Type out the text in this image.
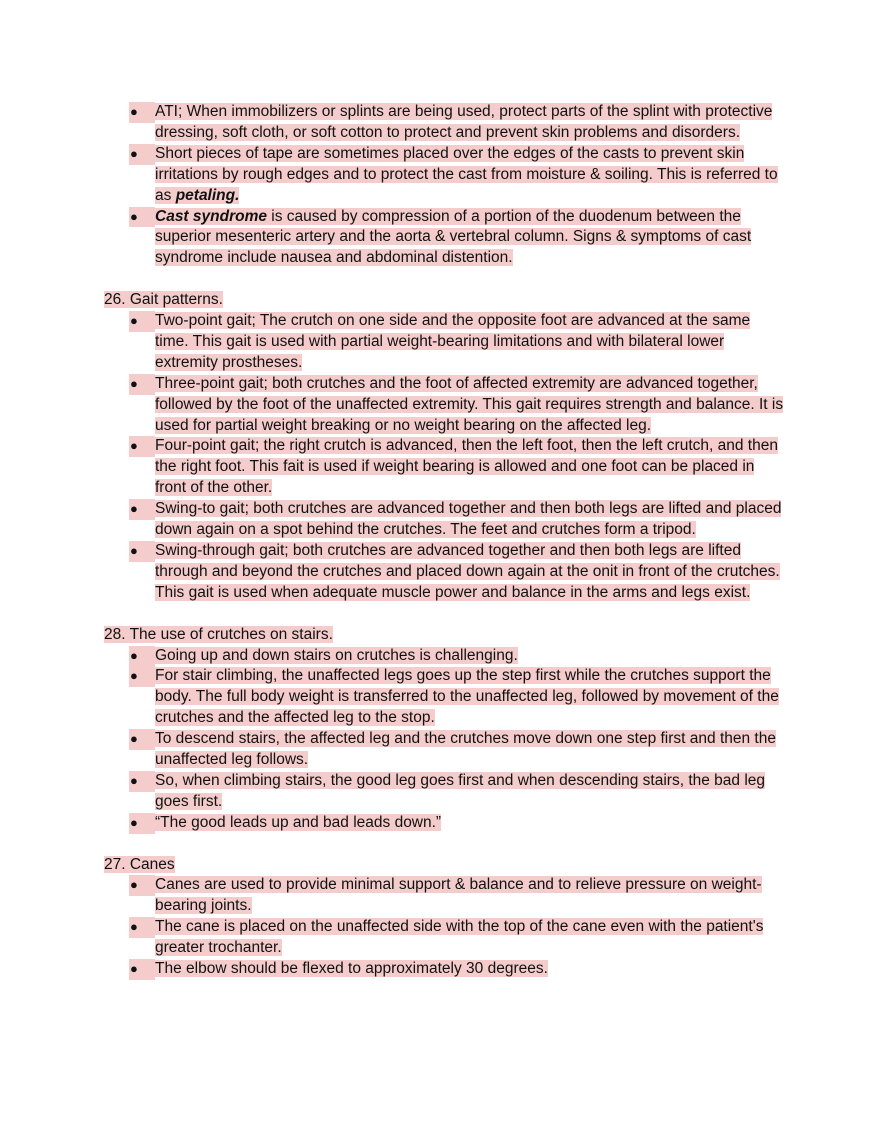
●
ATI; When immobilizers or splints are being used, protect parts of the splint with protective dressing, soft cloth, or soft cotton to protect and prevent skin problems and disorders.
●
Short pieces of tape are sometimes placed over the edges of the casts to prevent skin irritations by rough edges and to protect the cast from moisture & soiling. This is referred to as petaling.
●
Cast syndrome is caused by compression of a portion of the duodenum between the superior mesenteric artery and the aorta & vertebral column. Signs & symptoms of cast syndrome include nausea and abdominal distention.
26. Gait patterns.
●
Two-point gait; The crutch on one side and the opposite foot are advanced at the same time. This gait is used with partial weight-bearing limitations and with bilateral lower extremity prostheses.
●
Three-point gait; both crutches and the foot of affected extremity are advanced together, followed by the foot of the unaffected extremity. This gait requires strength and balance. It is used for partial weight breaking or no weight bearing on the affected leg.
●
Four-point gait; the right crutch is advanced, then the left foot, then the left crutch, and then the right foot. This fait is used if weight bearing is allowed and one foot can be placed in front of the other.
●
Swing-to gait; both crutches are advanced together and then both legs are lifted and placed down again on a spot behind the crutches. The feet and crutches form a tripod.
●
Swing-through gait; both crutches are advanced together and then both legs are lifted through and beyond the crutches and placed down again at the onit in front of the crutches. This gait is used when adequate muscle power and balance in the arms and legs exist.
28. The use of crutches on stairs.
●
Going up and down stairs on crutches is challenging.
●
For stair climbing, the unaffected legs goes up the step first while the crutches support the body. The full body weight is transferred to the unaffected leg, followed by movement of the crutches and the affected leg to the stop.
●
To descend stairs, the affected leg and the crutches move down one step first and then the unaffected leg follows.
●
So, when climbing stairs, the good leg goes first and when descending stairs, the bad leg goes first.
●
“The good leads up and bad leads down.”
27. Canes
●
Canes are used to provide minimal support & balance and to relieve pressure on weight-bearing joints.
●
The cane is placed on the unaffected side with the top of the cane even with the patient's greater trochanter.
●
The elbow should be flexed to approximately 30 degrees.
